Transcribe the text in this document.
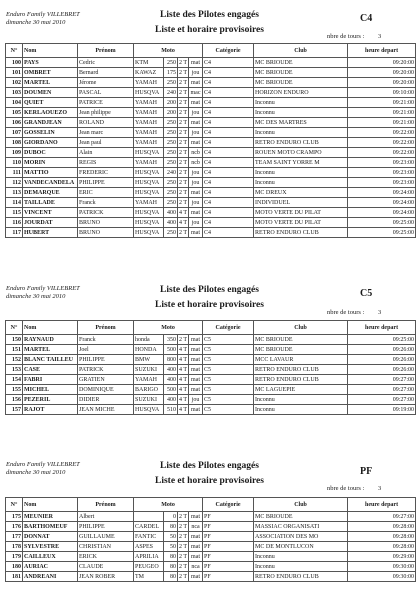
Enduro Family VILLEBRET
dimanche 30 mai 2010
Liste des Pilotes engagés
Liste et horaire provisoires
C4
nbre de tours : 3
N°	Nom	Prénom	Moto				Catégorie	Club	heure depart
100	PAYS	Cedric	KTM	250	2 T	mat	C4	MC BRIOUDE	09:20:00
101	OMBRET	Bernard	KAWAZ	175	2 T	jou	C4	MC BRIOUDE	09:20:00
102	MARTEL	Jérome	YAMAH	250	2 T	mat	C4	MC BRIOUDE	09:20:00
103	DOUMEN	PASCAL	HUSQVA	240	2 T	mac	C4	HORIZON ENDURO	09:10:00
104	QUIET	PATRICE	YAMAH	200	2 T	mat	C4	Inconnu	09:21:00
105	KERLAOUEZO	Jean philippe	YAMAH	200	2 T	jou	C4	Inconnu	09:21:00
106	GRANDJEAN	ROLAND	YAMAH	250	2 T	mat	C4	MC DES MARTRES	09:21:00
107	GOSSELIN	Jean marc	YAMAH	250	2 T	jou	C4	Inconnu	09:22:00
108	GIORDANO	Jean paul	YAMAH	250	2 T	mat	C4	RETRO ENDURO CLUB	09:22:00
109	DUBOC	Alain	HUSQVA	250	2 T	ncb	C4	ROUEN MOTO CRAMPO	09:22:00
110	MORIN	REGIS	YAMAH	250	2 T	ncb	C4	TEAM SAINT YORRE M	09:23:00
111	MATTIO	FREDERIC	HUSQVA	240	2 T	jou	C4	Inconnu	09:23:00
112	VANDECANDELA	PHILIPPE	HUSQVA	250	2 T	jou	C4	Inconnu	09:23:00
113	DEMARQUE	ERIC	HUSQVA	250	2 T	mat	C4	MC DREUX	09:24:00
114	TAILLADE	Franck	YAMAH	250	2 T	jou	C4	INDIVIDUEL	09:24:00
115	VINCENT	PATRICK	HUSQVA	400	4 T	mat	C4	MOTO VERTE DU PILAT	09:24:00
116	JOURDAT	BRUNO	HUSQVA	400	4 T	jou	C4	MOTO VERTE DU PILAT	09:25:00
117	HUBERT	BRUNO	HUSQVA	250	2 T	mat	C4	RETRO ENDURO CLUB	09:25:00
Enduro Family VILLEBRET
dimanche 30 mai 2010
Liste des Pilotes engagés
Liste et horaire provisoires
C5
nbre de tours : 3
N°	Nom	Prénom	Moto				Catégorie	Club	heure depart
150	RAYNAUD	Franck	honda	350	2 T	mat	C5	MC BRIOUDE	09:25:00
151	MARTEL	Joel	HONDA	500	4 T	mat	C5	MC BRIOUDE	09:26:00
152	BLANC TAILLEU	PHILIPPE	BMW	800	4 T	mat	C5	MCC LAVAUR	09:26:00
153	CASE	PATRICK	SUZUKI	400	4 T	mat	C5	RETRO ENDURO CLUB	09:26:00
154	FABRI	GRATIEN	YAMAH	400	4 T	mat	C5	RETRO ENDURO CLUB	09:27:00
155	MICHEL	DOMINIQUE	BARIGO	500	4 T	mat	C5	MC LAGUEPIE	09:27:00
156	PEZERIL	DIDIER	SUZUKI	400	4 T	jou	C5	Inconnu	09:27:00
157	RAJOT	JEAN MICHE	HUSQVA	510	4 T	mat	C5	Inconnu	09:19:00
Enduro Family VILLEBRET
dimanche 30 mai 2010
Liste des Pilotes engagés
Liste et horaire provisoires
PF
nbre de tours : 3
N°	Nom	Prénom	Moto				Catégorie	Club	heure depart
175	MEUNIER	Albert		0	2 T	mat	PF	MC BRIOUDE	09:27:00
176	BARTHOMEUF	PHILIPPE	CARDEL	80	2 T	nca	PF	MASSIAC ORGANISATI	09:28:00
177	DONNAT	GUILLAUME	FANTIC	50	2 T	mat	PF	ASSOCIATION DES MO	09:28:00
178	SYLVESTRE	CHRISTIAN	ASPES	50	2 T	mat	PF	MC DE MONTLUCON	09:28:00
179	CAILLEUX	ERICK	APRILIA	80	2 T	mat	PF	Inconnu	09:29:00
180	AURIAC	CLAUDE	PEUGEO	80	2 T	nca	PF	Inconnu	09:30:00
181	ANDREANI	JEAN ROBER	TM	80	2 T	mat	PF	RETRO ENDURO CLUB	09:30:00
